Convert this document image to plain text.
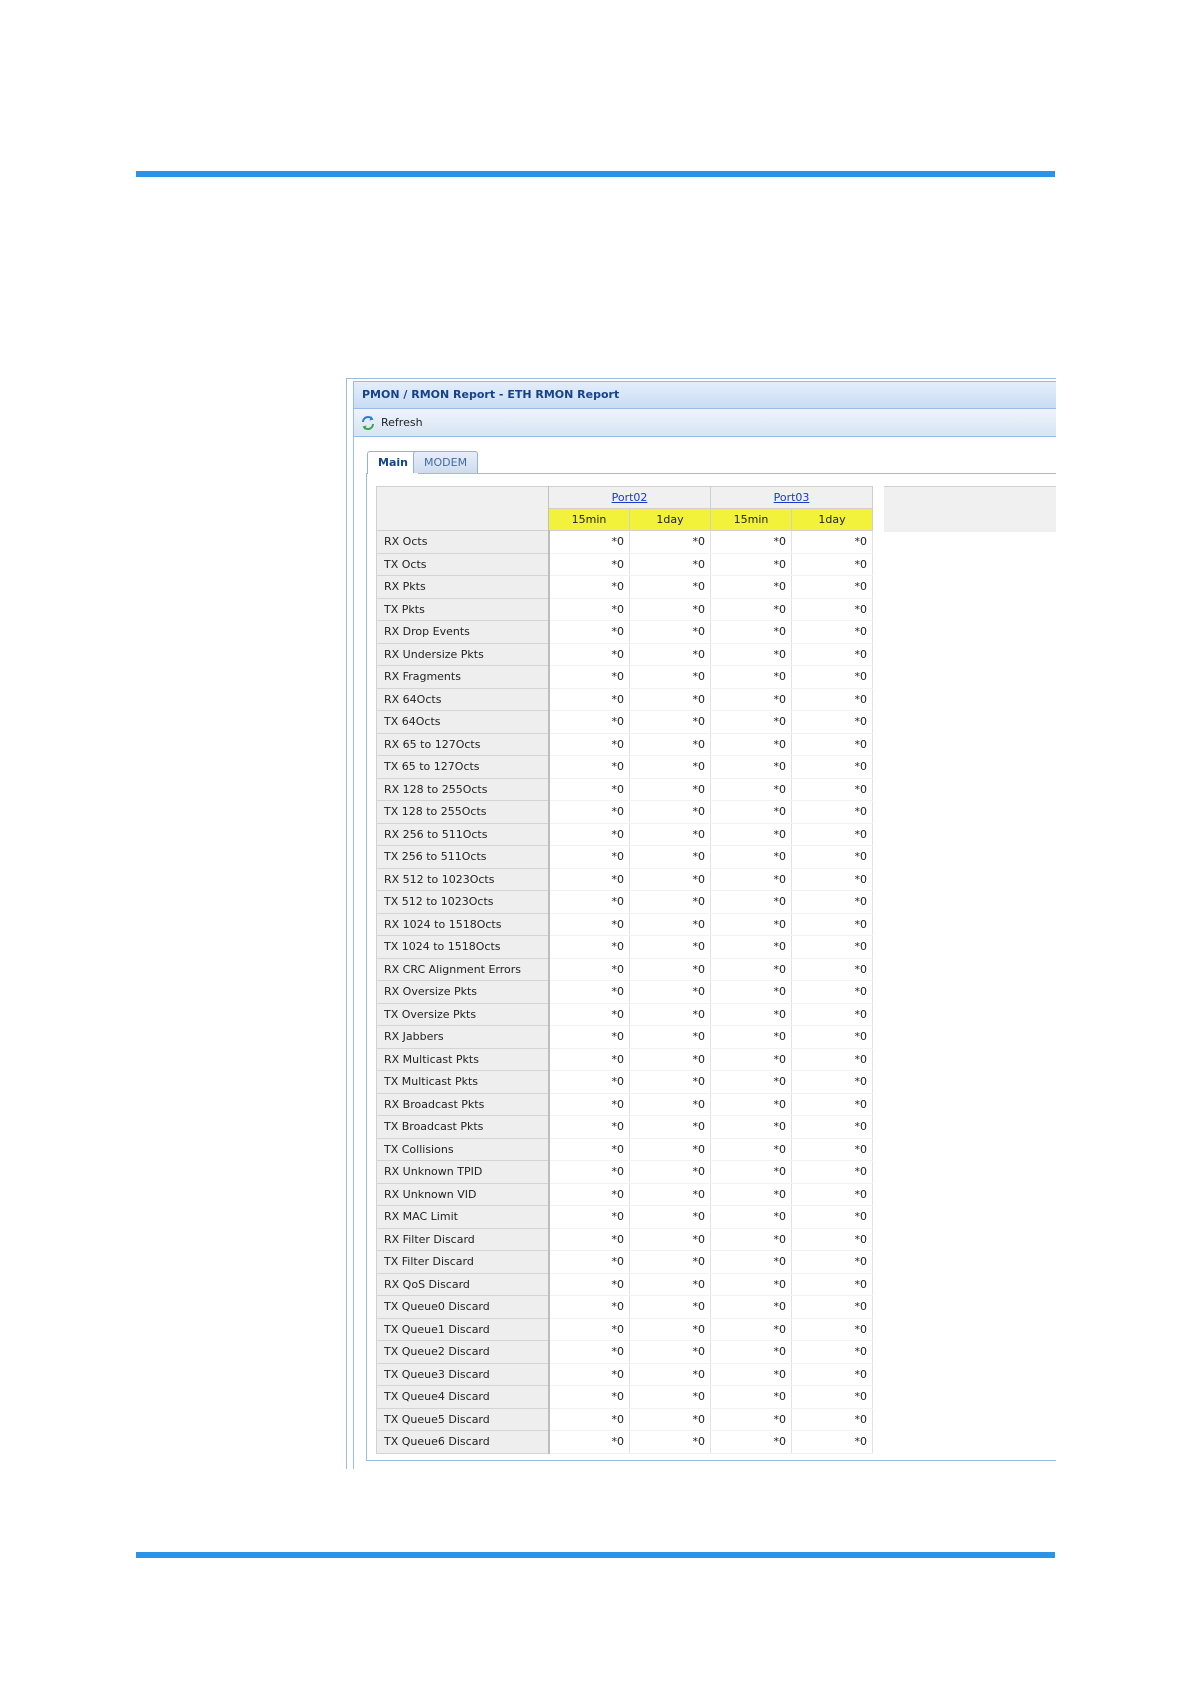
PMON / RMON Report - ETH RMON Report
Refresh
Main	MODEM
	Port02		Port03	
	15min	1day	15min	1day
RX Octs	*0	*0	*0	*0
TX Octs	*0	*0	*0	*0
RX Pkts	*0	*0	*0	*0
TX Pkts	*0	*0	*0	*0
RX Drop Events	*0	*0	*0	*0
RX Undersize Pkts	*0	*0	*0	*0
RX Fragments	*0	*0	*0	*0
RX 64Octs	*0	*0	*0	*0
TX 64Octs	*0	*0	*0	*0
RX 65 to 127Octs	*0	*0	*0	*0
TX 65 to 127Octs	*0	*0	*0	*0
RX 128 to 255Octs	*0	*0	*0	*0
TX 128 to 255Octs	*0	*0	*0	*0
RX 256 to 511Octs	*0	*0	*0	*0
TX 256 to 511Octs	*0	*0	*0	*0
RX 512 to 1023Octs	*0	*0	*0	*0
TX 512 to 1023Octs	*0	*0	*0	*0
RX 1024 to 1518Octs	*0	*0	*0	*0
TX 1024 to 1518Octs	*0	*0	*0	*0
RX CRC Alignment Errors	*0	*0	*0	*0
RX Oversize Pkts	*0	*0	*0	*0
TX Oversize Pkts	*0	*0	*0	*0
RX Jabbers	*0	*0	*0	*0
RX Multicast Pkts	*0	*0	*0	*0
TX Multicast Pkts	*0	*0	*0	*0
RX Broadcast Pkts	*0	*0	*0	*0
TX Broadcast Pkts	*0	*0	*0	*0
TX Collisions	*0	*0	*0	*0
RX Unknown TPID	*0	*0	*0	*0
RX Unknown VID	*0	*0	*0	*0
RX MAC Limit	*0	*0	*0	*0
RX Filter Discard	*0	*0	*0	*0
TX Filter Discard	*0	*0	*0	*0
RX QoS Discard	*0	*0	*0	*0
TX Queue0 Discard	*0	*0	*0	*0
TX Queue1 Discard	*0	*0	*0	*0
TX Queue2 Discard	*0	*0	*0	*0
TX Queue3 Discard	*0	*0	*0	*0
TX Queue4 Discard	*0	*0	*0	*0
TX Queue5 Discard	*0	*0	*0	*0
TX Queue6 Discard	*0	*0	*0	*0
